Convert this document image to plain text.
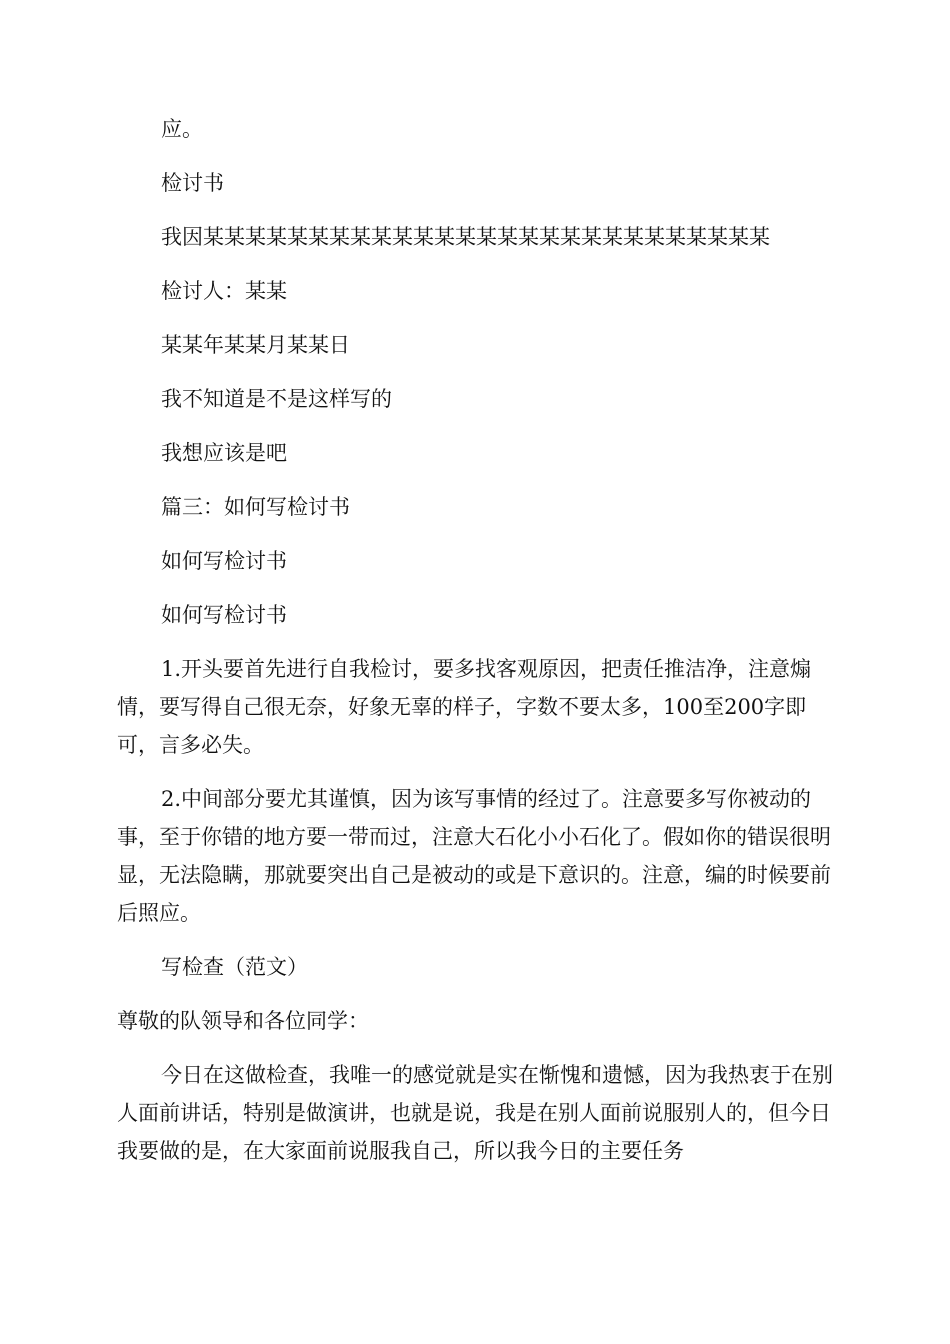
应。

检讨书

我因某某某某某某某某某某某某某某某某某某某某某某某某某某某

检讨人：某某

某某年某某月某某日

我不知道是不是这样写的

我想应该是吧

篇三：如何写检讨书

如何写检讨书

如何写检讨书

1.开头要首先进行自我检讨，要多找客观原因，把责任推洁净，注意煽情，要写得自己很无奈，好象无辜的样子，字数不要太多，100至200字即可，言多必失。

2.中间部分要尤其谨慎，因为该写事情的经过了。注意要多写你被动的事，至于你错的地方要一带而过，注意大石化小小石化了。假如你的错误很明显，无法隐瞒，那就要突出自己是被动的或是下意识的。注意，编的时候要前后照应。

写检查（范文）

尊敬的队领导和各位同学：

今日在这做检查，我唯一的感觉就是实在惭愧和遗憾，因为我热衷于在别人面前讲话，特别是做演讲，也就是说，我是在别人面前说服别人的，但今日我要做的是，在大家面前说服我自己，所以我今日的主要任务
